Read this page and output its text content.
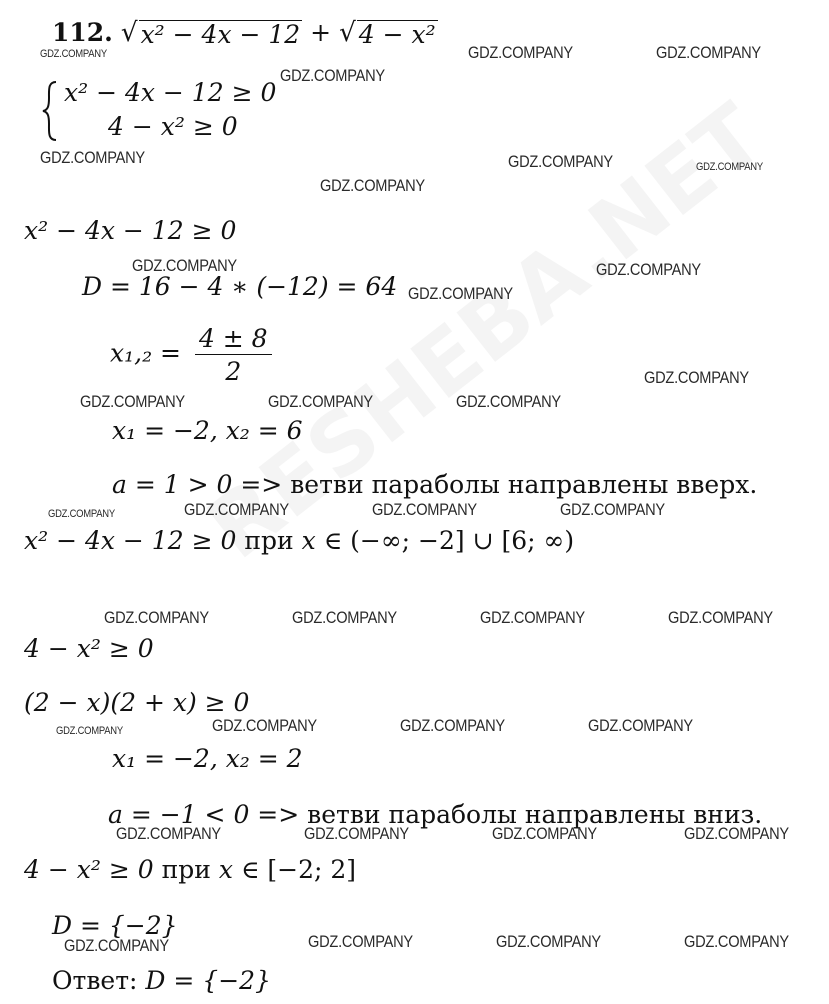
112. √ x² − 4x − 12 + √ 4 − x²
x² − 4x − 12 ≥ 0
4 − x² ≥ 0
x² − 4x − 12 ≥ 0
D = 16 − 4 ∗ (−12) = 64
$x_1,_2 = \frac{4 \pm 8}{2}$
x₁ = −2, x₂ = 6
a = 1 > 0 => ветви параболы направлены вверх.
x² − 4x − 12 ≥ 0 при x ∈ (−∞; −2] ∪ [6; ∞)
4 − x² ≥ 0
(2 − x)(2 + x) ≥ 0
x₁ = −2, x₂ = 2
a = −1 < 0 => ветви параболы направлены вниз.
4 − x² ≥ 0 при x ∈ [−2; 2]
D = {−2}
Ответ: D = {−2}
GDZ.COMPANY
GDZ.COMPANY
GDZ.COMPANY	GDZ.COMPANY
GDZ.COMPANY	GDZ.COMPANY	GDZ.COMPANY
GDZ.COMPANY
GDZ.COMPANY	GDZ.COMPANY
GDZ.COMPANY
GDZ.COMPANY
GDZ.COMPANY	GDZ.COMPANY	GDZ.COMPANY
GDZ.COMPANY	GDZ.COMPANY	GDZ.COMPANY	GDZ.COMPANY
GDZ.COMPANY	GDZ.COMPANY	GDZ.COMPANY	GDZ.COMPANY
GDZ.COMPANY	GDZ.COMPANY	GDZ.COMPANY	GDZ.COMPANY
GDZ.COMPANY	GDZ.COMPANY	GDZ.COMPANY	GDZ.COMPANY
GDZ.COMPANY	GDZ.COMPANY	GDZ.COMPANY	GDZ.COMPANY
